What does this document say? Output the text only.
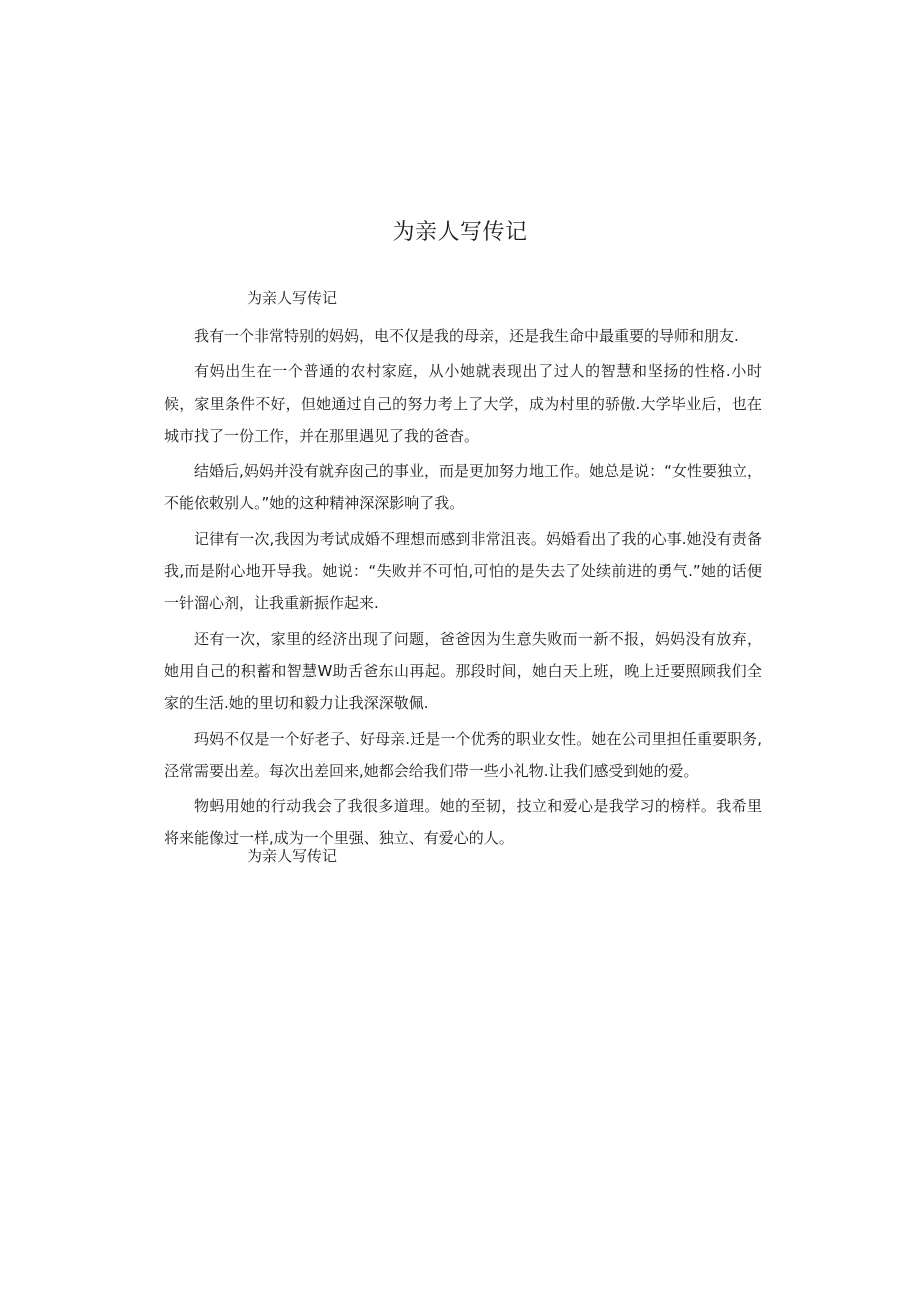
为亲人写传记
为亲人写传记

我有一个非常特别的妈妈，电不仅是我的母亲，还是我生命中最重要的导师和朋友.

有妈出生在一个普通的农村家庭，从小她就表现出了过人的智慧和坚扬的性格.小时候，家里条件不好，但她通过自己的努力考上了大学，成为村里的骄傲.大学毕业后，也在城市找了一份工作，并在那里遇见了我的爸杳。

结婚后,妈妈并没有就弃囱己的事业，而是更加努力地工作。她总是说：“女性要独立，不能依敕别人。”她的这种精神深深影响了我。

记律有一次,我因为考试成婚不理想而感到非常沮丧。妈婚看出了我的心事.她没有责备我,而是附心地开导我。她说：“失败并不可怕,可怕的是失去了处续前进的勇气.”她的话便一针溜心剂，让我重新振作起来.

还有一次，家里的经济出现了问题，爸爸因为生意失败而一新不报，妈妈没有放弃，她用自己的积蓄和智慧W助舌爸东山再起。那段时间，她白天上班，晚上迁要照顾我们全家的生活.她的里切和毅力让我深深敬佩.

玛妈不仅是一个好老子、好母亲.迁是一个优秀的职业女性。她在公司里担任重要职务,泾常需要出差。每次出差回来,她都会给我们带一些小礼物.让我们感受到她的爱。

物蚂用她的行动我会了我很多道理。她的至韧，技立和爱心是我学习的榜样。我希里将来能像过一样,成为一个里强、独立、有爱心的人。

为亲人写传记
